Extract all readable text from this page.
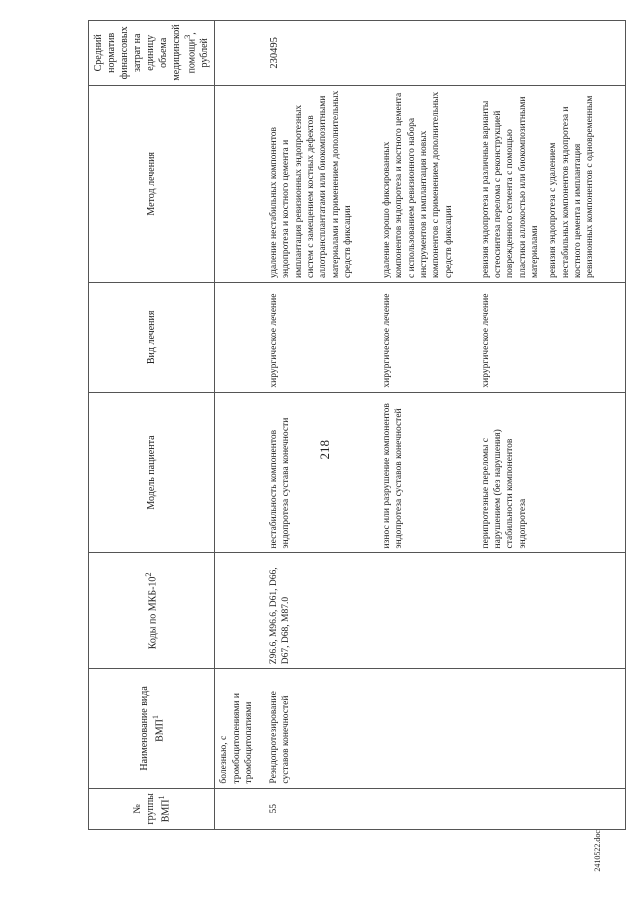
218
№ группы ВМП$^1$	Наименование вида ВМП$^1$	Коды по МКБ-$10^2$	Модель пациента	Вид лечения	Метод лечения	Средний норматив финансовых затрат на единицу объема медицинской помощи$^3$, рублей
	болезнью, с тромбоцитопениями и тромбоцитопатиями					
55	Реэндопротезирование суставов конечностей	Z96.6, M96.6, D61, D66, D67, D68, M87.0	нестабильность компонентов эндопротеза сустава конечности	хирургическое лечение	удаление нестабильных компонентов эндопротеза и костного цемента и имплантация ревизионных эндопротезных систем с замещением костных дефектов аллотрансплантатами или биокомпозитными материалами и применением дополнительных средств фиксации	230495
			износ или разрушение компонентов эндопротеза суставов конечностей	хирургическое лечение	удаление хорошо фиксированных компонентов эндопротеза и костного цемента с использованием ревизионного набора инструментов и имплантация новых компонентов с применением дополнительных средств фиксации	

			перипротезные переломы с нарушением (без нарушения) стабильности компонентов эндопротеза	хирургическое лечение	ревизия эндопротеза и различные варианты остеосинтеза перелома с реконструкцией поврежденного сегмента с помощью пластики аллокостью или биокомпозитными материалами ревизия эндопротеза с удалением нестабильных компонентов эндопротеза и костного цемента и имплантация ревизионных компонентов с одновременным	

2410522.doc
